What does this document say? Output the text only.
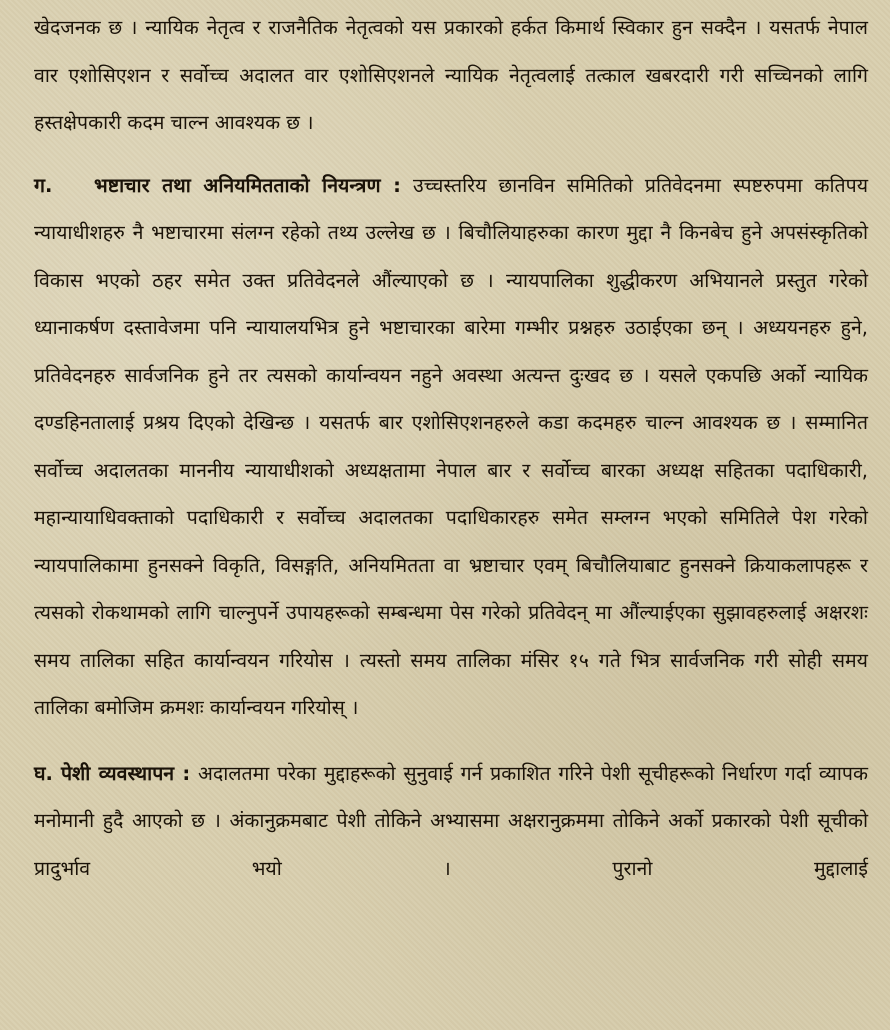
खेदजनक छ । न्यायिक नेतृत्व र राजनैतिक नेतृत्वको यस प्रकारको हर्कत किमार्थ स्विकार हुन सक्दैन । यसतर्फ नेपाल वार एशोसिएशन र सर्वोच्च अदालत वार एशोसिएशनले न्यायिक नेतृत्वलाई तत्काल खबरदारी गरी सच्चिनको लागि हस्तक्षेपकारी कदम चाल्न आवश्यक छ ।

ग. भष्टाचार तथा अनियमितताको नियन्त्रण : उच्चस्तरिय छानविन समितिको प्रतिवेदनमा स्पष्टरुपमा कतिपय न्यायाधीशहरु नै भष्टाचारमा संलग्न रहेको तथ्य उल्लेख छ । बिचौलियाहरुका कारण मुद्दा नै किनबेच हुने अपसंस्कृतिको विकास भएको ठहर समेत उक्त प्रतिवेदनले औंल्याएको छ । न्यायपालिका शुद्धीकरण अभियानले प्रस्तुत गरेको ध्यानाकर्षण दस्तावेजमा पनि न्यायालयभित्र हुने भष्टाचारका बारेमा गम्भीर प्रश्नहरु उठाईएका छन् । अध्ययनहरु हुने, प्रतिवेदनहरु सार्वजनिक हुने तर त्यसको कार्यान्वयन नहुने अवस्था अत्यन्त दुःखद छ । यसले एकपछि अर्को न्यायिक दण्डहिनतालाई प्रश्रय दिएको देखिन्छ । यसतर्फ बार एशोसिएशनहरुले कडा कदमहरु चाल्न आवश्यक छ । सम्मानित सर्वोच्च अदालतका माननीय न्यायाधीशको अध्यक्षतामा नेपाल बार र सर्वोच्च बारका अध्यक्ष सहितका पदाधिकारी, महान्यायाधिवक्ताको पदाधिकारी र सर्वोच्च अदालतका पदाधिकारहरु समेत सम्लग्न भएको समितिले पेश गरेको न्यायपालिकामा हुनसक्ने विकृति, विसङ्गति, अनियमितता वा भ्रष्टाचार एवम् बिचौलियाबाट हुनसक्ने क्रियाकलापहरू र त्यसको रोकथामको लागि चाल्नुपर्ने उपायहरूको सम्बन्धमा पेस गरेको प्रतिवेदन् मा औंल्याईएका सुझावहरुलाई अक्षरशः समय तालिका सहित कार्यान्वयन गरियोस । त्यस्तो समय तालिका मंसिर १५ गते भित्र सार्वजनिक गरी सोही समय तालिका बमोजिम क्रमशः कार्यान्वयन गरियोस् ।

घ. पेशी व्यवस्थापन : अदालतमा परेका मुद्दाहरूको सुनुवाई गर्न प्रकाशित गरिने पेशी सूचीहरूको निर्धारण गर्दा व्यापक मनोमानी हुदै आएको छ । अंकानुक्रमबाट पेशी तोकिने अभ्यासमा अक्षरानुक्रममा तोकिने अर्को प्रकारको पेशी सूचीको प्रादुर्भाव भयो । पुरानो मुद्दालाई
